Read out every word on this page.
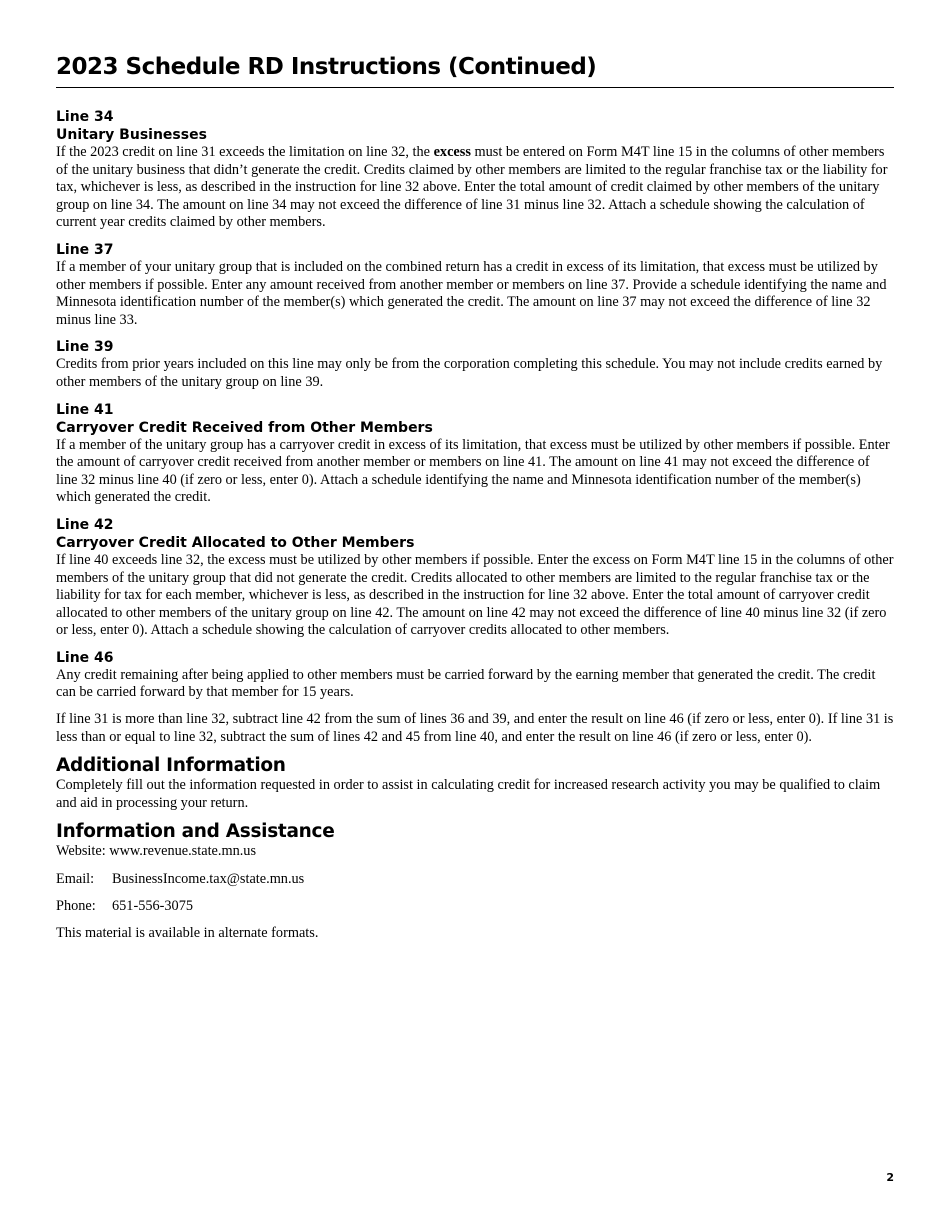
2023 Schedule RD Instructions (Continued)
Line 34
Unitary Businesses

If the 2023 credit on line 31 exceeds the limitation on line 32, the excess must be entered on Form M4T line 15 in the columns of other members of the unitary business that didn’t generate the credit. Credits claimed by other members are limited to the regular franchise tax or the liability for tax, whichever is less, as described in the instruction for line 32 above. Enter the total amount of credit claimed by other members of the unitary group on line 34. The amount on line 34 may not exceed the difference of line 31 minus line 32. Attach a schedule showing the calculation of current year credits claimed by other members.

Line 37

If a member of your unitary group that is included on the combined return has a credit in excess of its limitation, that excess must be utilized by other members if possible. Enter any amount received from another member or members on line 37. Provide a schedule identifying the name and Minnesota identification number of the member(s) which generated the credit. The amount on line 37 may not exceed the difference of line 32 minus line 33.

Line 39

Credits from prior years included on this line may only be from the corporation completing this schedule. You may not include credits earned by other members of the unitary group on line 39.

Line 41
Carryover Credit Received from Other Members

If a member of the unitary group has a carryover credit in excess of its limitation, that excess must be utilized by other members if possible. Enter the amount of carryover credit received from another member or members on line 41. The amount on line 41 may not exceed the difference of line 32 minus line 40 (if zero or less, enter 0). Attach a schedule identifying the name and Minnesota identification number of the member(s) which generated the credit.

Line 42
Carryover Credit Allocated to Other Members

If line 40 exceeds line 32, the excess must be utilized by other members if possible. Enter the excess on Form M4T line 15 in the columns of other members of the unitary group that did not generate the credit. Credits allocated to other members are limited to the regular franchise tax or the liability for tax for each member, whichever is less, as described in the instruction for line 32 above. Enter the total amount of carryover credit allocated to other members of the unitary group on line 42. The amount on line 42 may not exceed the difference of line 40 minus line 32 (if zero or less, enter 0). Attach a schedule showing the calculation of carryover credits allocated to other members.

Line 46

Any credit remaining after being applied to other members must be carried forward by the earning member that generated the credit. The credit can be carried forward by that member for 15 years.

If line 31 is more than line 32, subtract line 42 from the sum of lines 36 and 39, and enter the result on line 46 (if zero or less, enter 0). If line 31 is less than or equal to line 32, subtract the sum of lines 42 and 45 from line 40, and enter the result on line 46 (if zero or less, enter 0).

Additional Information

Completely fill out the information requested in order to assist in calculating credit for increased research activity you may be qualified to claim and aid in processing your return.

Information and Assistance
Website: www.revenue.state.mn.us
Email: BusinessIncome.tax@state.mn.us
Phone: 651-556-3075
This material is available in alternate formats.
2
